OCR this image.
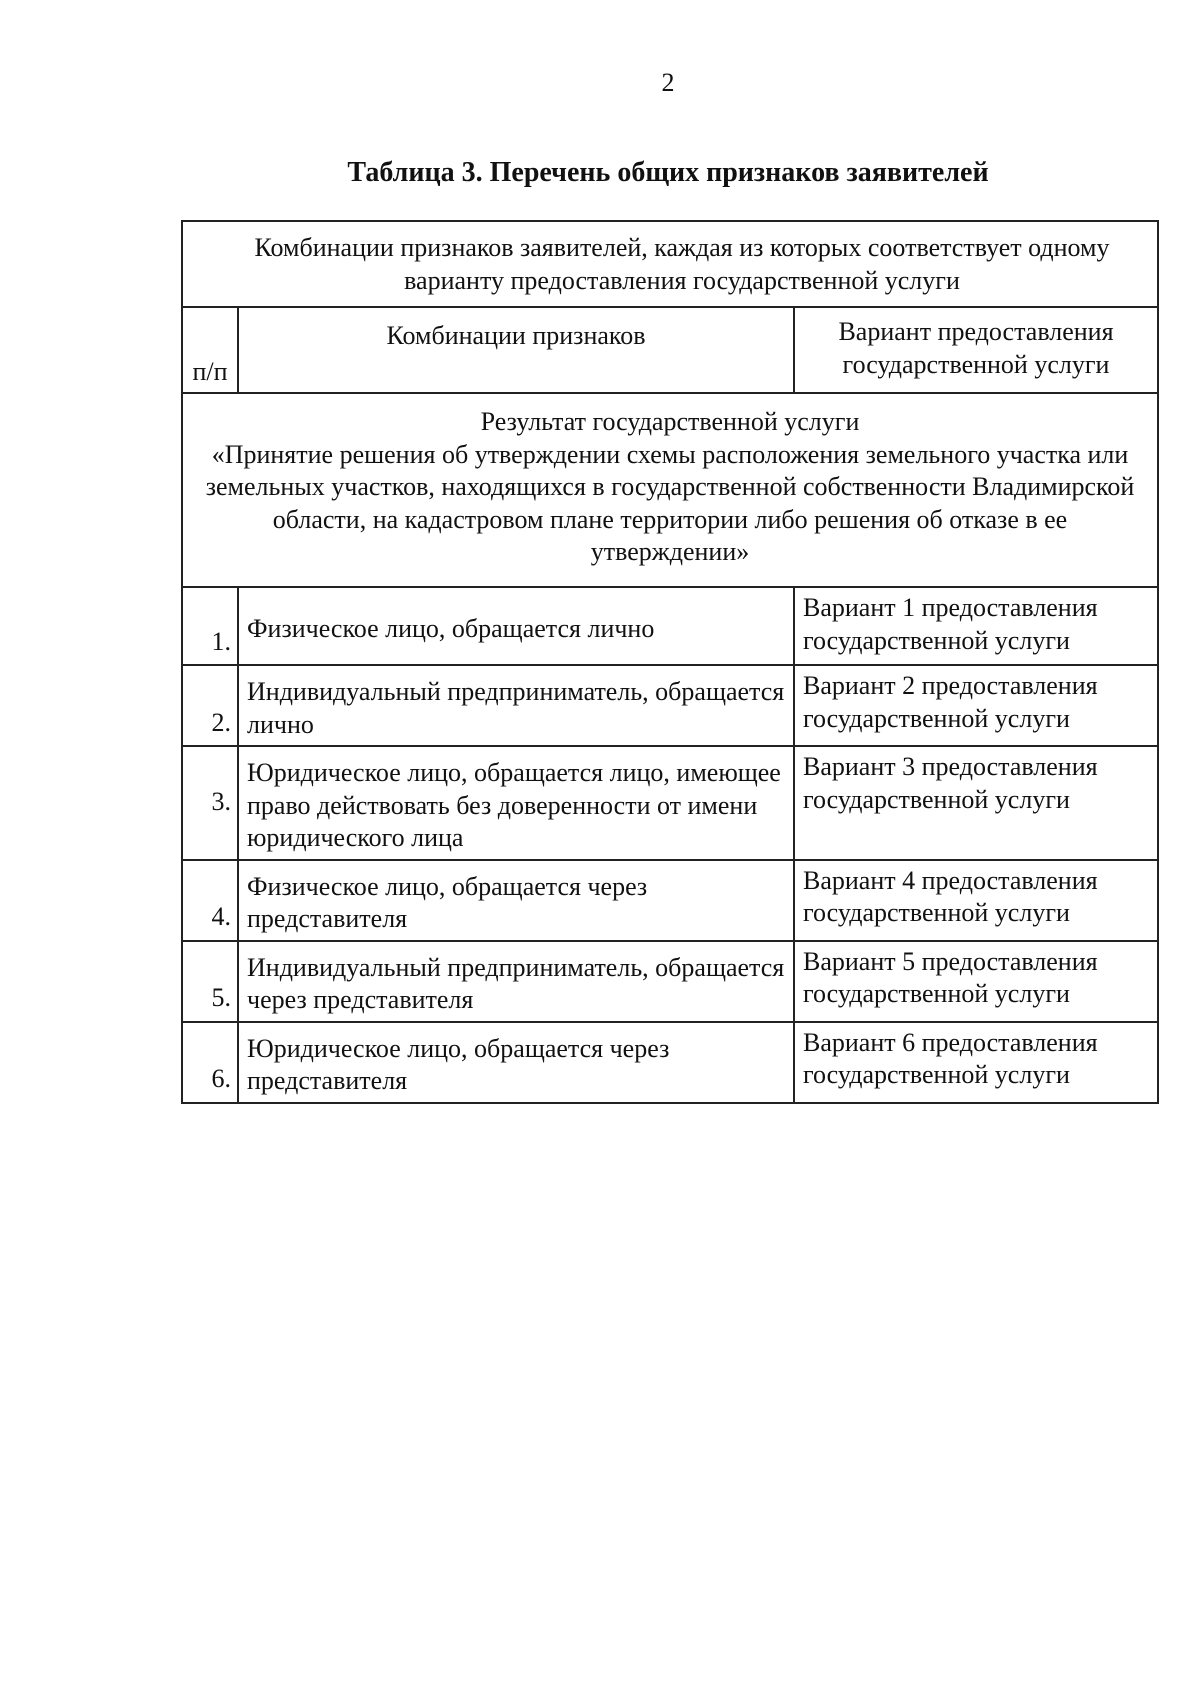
2
Таблица 3. Перечень общих признаков заявителей
Комбинации признаков заявителей, каждая из которых соответствует одному варианту предоставления государственной услуги		
п/п	Комбинации признаков	Вариант предоставления государственной услуги

Результат государственной услуги
«Принятие решения об утверждении схемы расположения земельного участка или земельных участков, находящихся в государственной собственности Владимирской области, на кадастровом плане территории либо решения об отказе в ее утверждении»		

1.	Физическое лицо, обращается лично	Вариант 1 предоставления государственной услуги
2.	Индивидуальный предприниматель, обращается лично	Вариант 2 предоставления государственной услуги
3.	Юридическое лицо, обращается лицо, имеющее право действовать без доверенности от имени юридического лица	Вариант 3 предоставления государственной услуги
4.	Физическое лицо, обращается через представителя	Вариант 4 предоставления государственной услуги
5.	Индивидуальный предприниматель, обращается через представителя	Вариант 5 предоставления государственной услуги
6.	Юридическое лицо, обращается через представителя	Вариант 6 предоставления государственной услуги
